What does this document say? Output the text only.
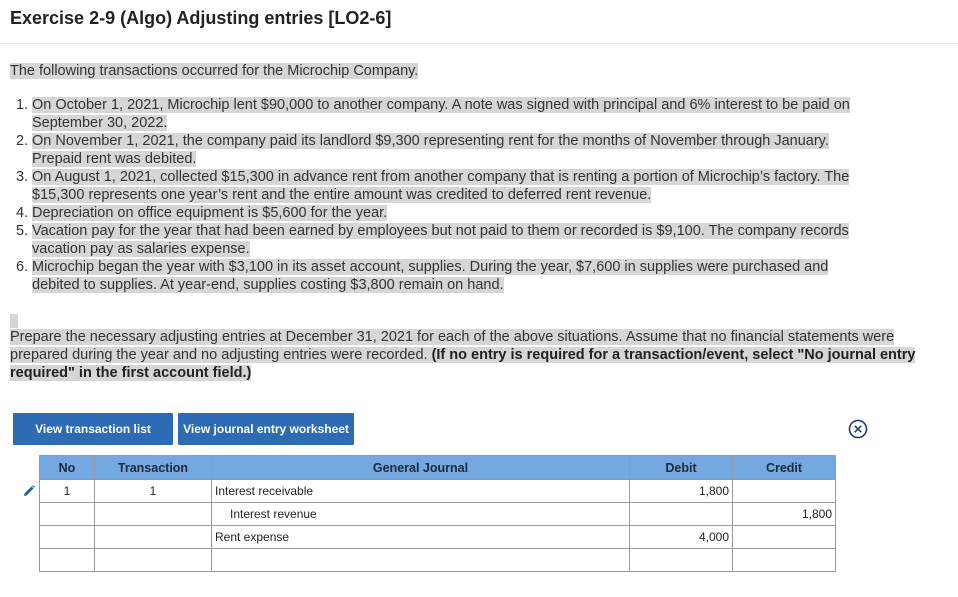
Exercise 2-9 (Algo) Adjusting entries [LO2-6]

The following transactions occurred for the Microchip Company.

1. On October 1, 2021, Microchip lent $90,000 to another company. A note was signed with principal and 6% interest to be paid on
September 30, 2022.
2. On November 1, 2021, the company paid its landlord $9,300 representing rent for the months of November through January.
Prepaid rent was debited.
3. On August 1, 2021, collected $15,300 in advance rent from another company that is renting a portion of Microchip’s factory. The
$15,300 represents one year’s rent and the entire amount was credited to deferred rent revenue.
4. Depreciation on office equipment is $5,600 for the year.
5. Vacation pay for the year that had been earned by employees but not paid to them or recorded is $9,100. The company records
vacation pay as salaries expense.
6. Microchip began the year with $3,100 in its asset account, supplies. During the year, $7,600 in supplies were purchased and
debited to supplies. At year-end, supplies costing $3,800 remain on hand.

Prepare the necessary adjusting entries at December 31, 2021 for each of the above situations. Assume that no financial statements were prepared during the year and no adjusting entries were recorded. (If no entry is required for a transaction/event, select "No journal entry required" in the first account field.)

View transaction list	View journal entry worksheet
No	Transaction	General Journal	Debit	Credit
1	1	Interest receivable	1,800	
		Interest revenue		1,800
		Rent expense	4,000	
